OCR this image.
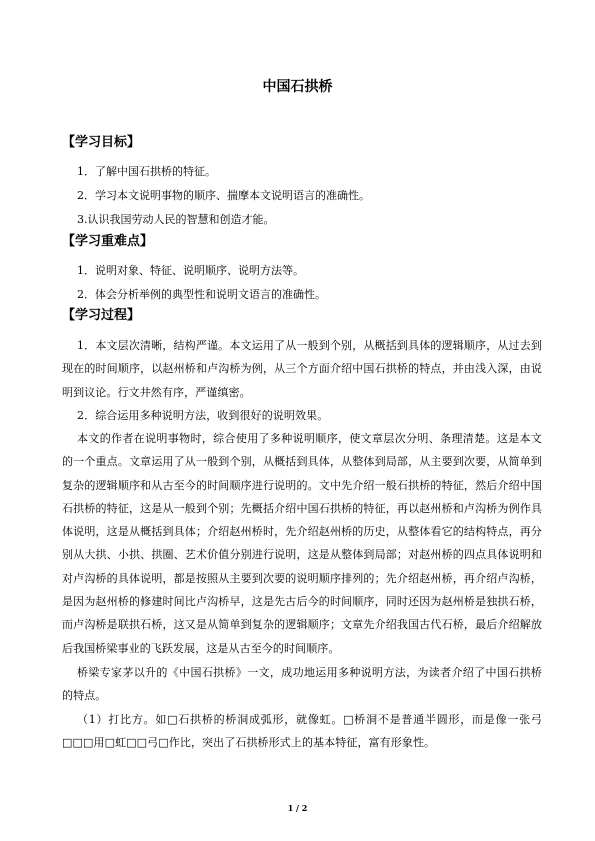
中国石拱桥
【学习目标】
1．了解中国石拱桥的特征。
2．学习本文说明事物的顺序、揣摩本文说明语言的准确性。
3.认识我国劳动人民的智慧和创造才能。
【学习重难点】
1．说明对象、特征、说明顺序、说明方法等。
2．体会分析举例的典型性和说明文语言的准确性。
【学习过程】

1．本文层次清晰，结构严谨。本文运用了从一般到个别，从概括到具体的逻辑顺序，从过去到现在的时间顺序，以赵州桥和卢沟桥为例，从三个方面介绍中国石拱桥的特点，并由浅入深，由说明到议论。行文井然有序，严谨缜密。

2．综合运用多种说明方法，收到很好的说明效果。

本文的作者在说明事物时，综合使用了多种说明顺序，使文章层次分明、条理清楚。这是本文的一个重点。文章运用了从一般到个别，从概括到具体，从整体到局部，从主要到次要，从简单到复杂的逻辑顺序和从古至今的时间顺序进行说明的。文中先介绍一般石拱桥的特征，然后介绍中国石拱桥的特征，这是从一般到个别；先概括介绍中国石拱桥的特征，再以赵州桥和卢沟桥为例作具体说明，这是从概括到具体；介绍赵州桥时，先介绍赵州桥的历史，从整体看它的结构特点，再分别从大拱、小拱、拱圈、艺术价值分别进行说明，这是从整体到局部；对赵州桥的四点具体说明和对卢沟桥的具体说明，都是按照从主要到次要的说明顺序排列的；先介绍赵州桥，再介绍卢沟桥，是因为赵州桥的修建时间比卢沟桥早，这是先古后今的时间顺序，同时还因为赵州桥是独拱石桥，而卢沟桥是联拱石桥，这又是从简单到复杂的逻辑顺序；文章先介绍我国古代石桥，最后介绍解放后我国桥梁事业的飞跃发展，这是从古至今的时间顺序。

桥梁专家茅以升的《中国石拱桥》一文，成功地运用多种说明方法，为读者介绍了中国石拱桥的特点。

（1）打比方。如□石拱桥的桥洞成弧形，就像虹。□桥洞不是普通半圆形，而是像一张弓□□□用□虹□□弓□作比，突出了石拱桥形式上的基本特征，富有形象性。

1 / 2
